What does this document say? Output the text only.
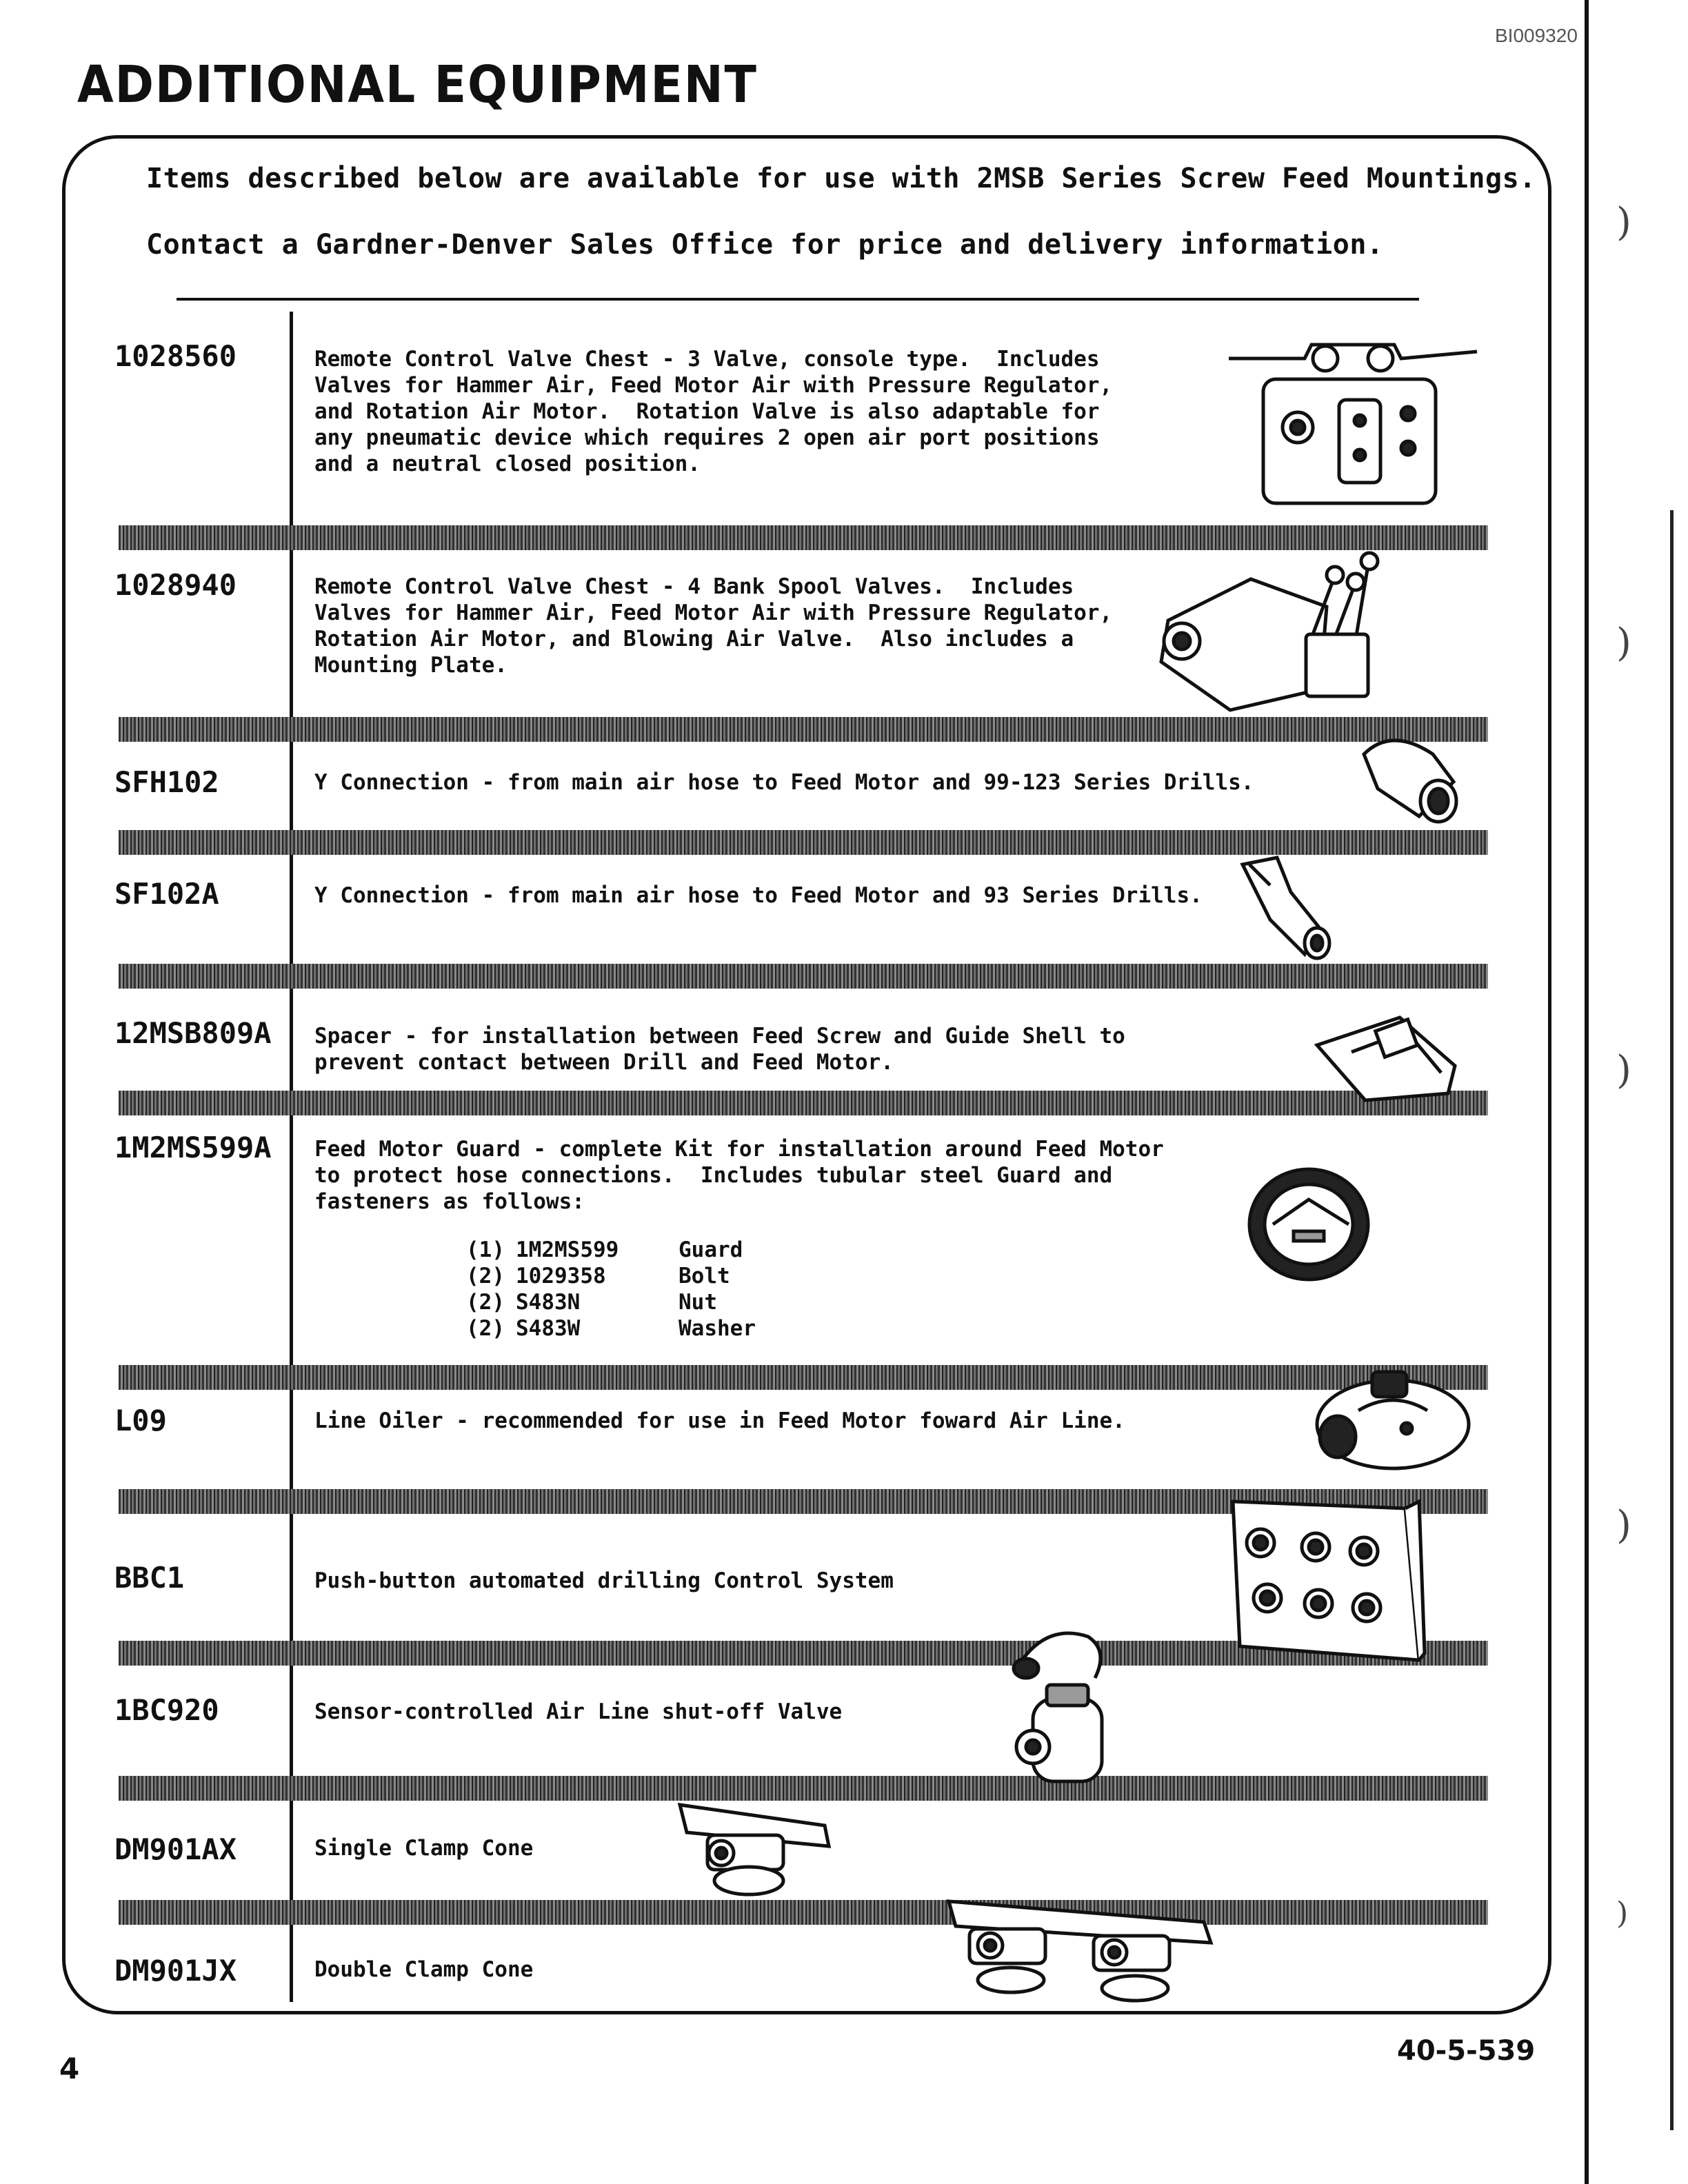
BI009320
ADDITIONAL EQUIPMENT
)
)
)
)
)
Items described below are available for use with 2MSB Series Screw Feed Mountings.
Contact a Gardner-Denver Sales Office for price and delivery information.
1028560	Remote Control Valve Chest - 3 Valve, console type.  Includes
Valves for Hammer Air, Feed Motor Air with Pressure Regulator,
and Rotation Air Motor.  Rotation Valve is also adaptable for
any pneumatic device which requires 2 open air port positions
and a neutral closed position.
1028940	Remote Control Valve Chest - 4 Bank Spool Valves.  Includes
Valves for Hammer Air, Feed Motor Air with Pressure Regulator,
Rotation Air Motor, and Blowing Air Valve.  Also includes a
Mounting Plate.
SFH102	Y Connection - from main air hose to Feed Motor and 99-123 Series Drills.
SF102A	Y Connection - from main air hose to Feed Motor and 93 Series Drills.
12MSB809A Spacer - for installation between Feed Screw and Guide Shell to
prevent contact between Drill and Feed Motor.
1M2MS599A Feed Motor Guard - complete Kit for installation around Feed Motor
to protect hose connections.  Includes tubular steel Guard and
fasteners as follows:
(1) 1M2MS599	Guard
(2) 1029358	Bolt
(2) S483N	Nut
(2) S483W	Washer
L09	Line Oiler - recommended for use in Feed Motor foward Air Line.
BBC1	Push-button automated drilling Control System
1BC920	Sensor-controlled Air Line shut-off Valve
DM901AX	Single Clamp Cone
DM901JX	Double Clamp Cone
4
40-5-539
